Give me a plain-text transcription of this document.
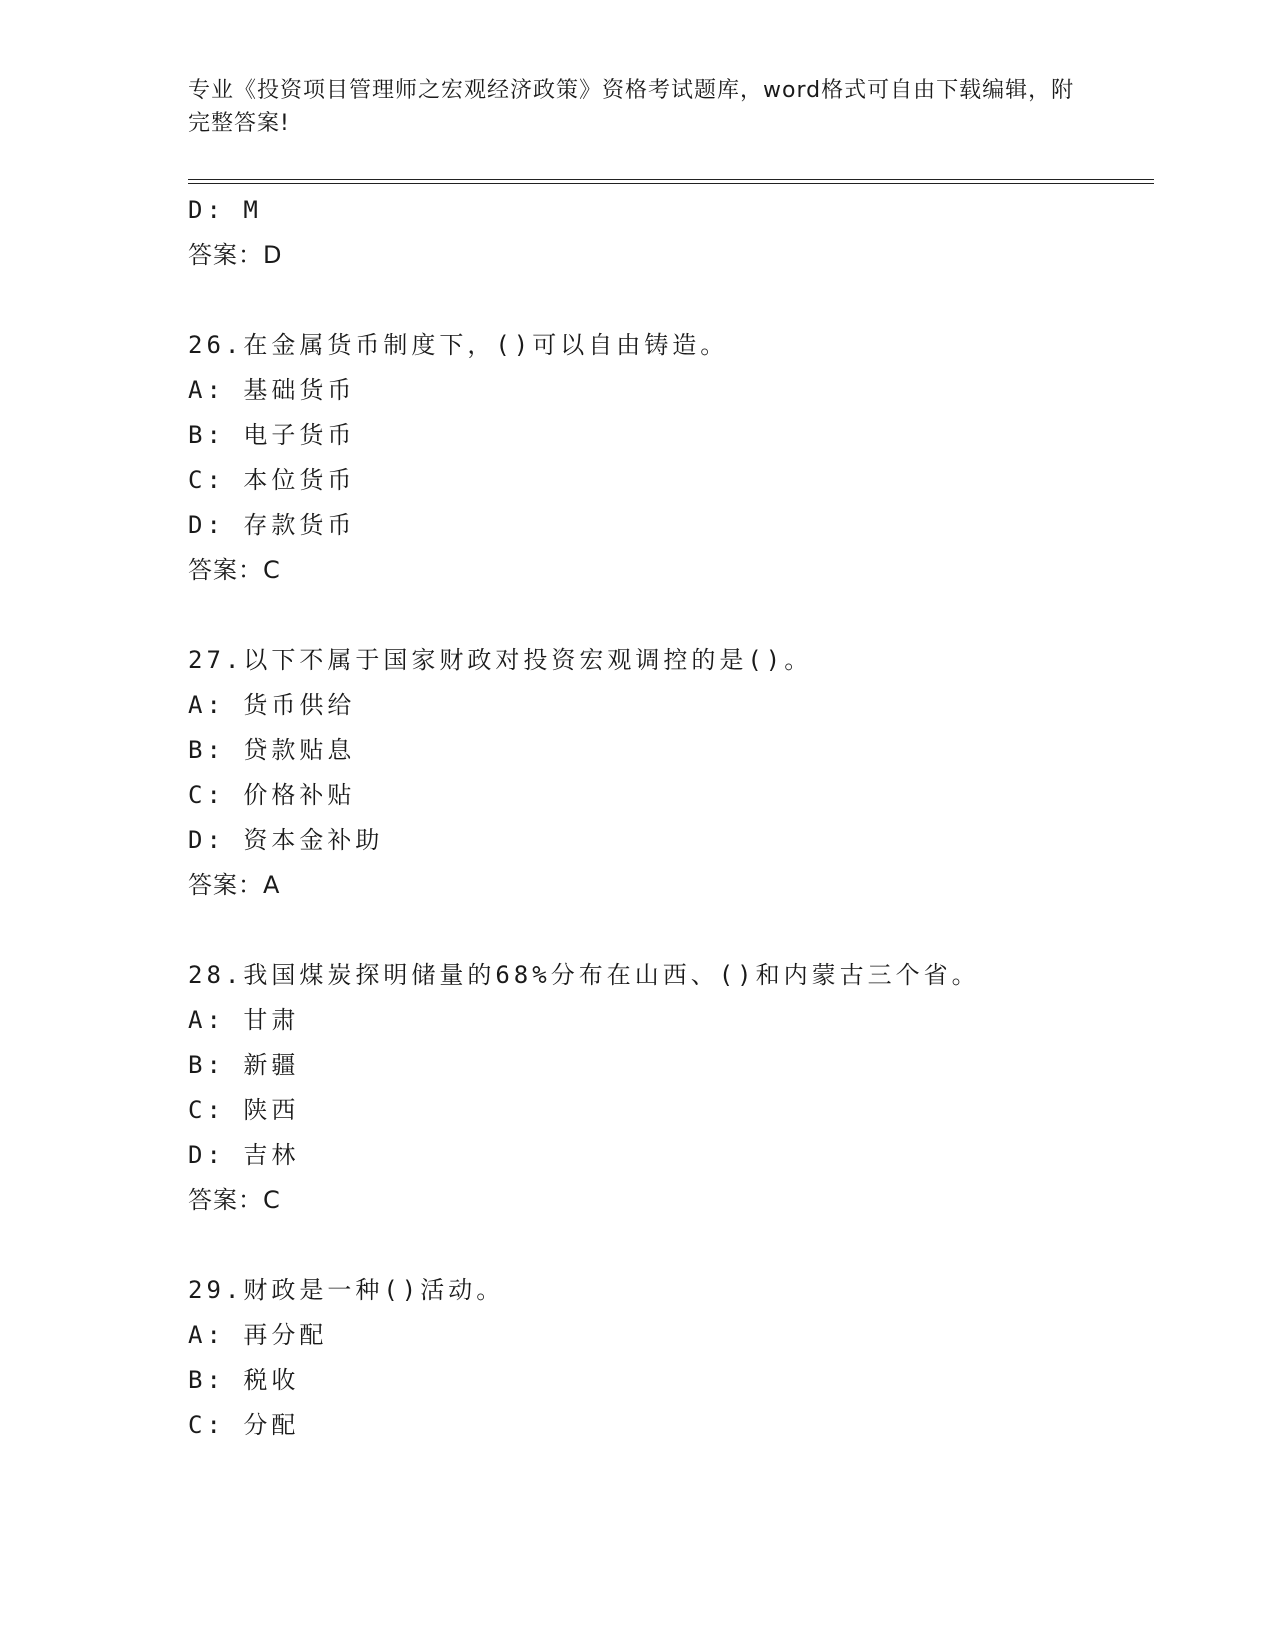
专业《投资项目管理师之宏观经济政策》资格考试题库，word格式可自由下载编辑，附完整答案!
D: M
答案：D
26.在金属货币制度下，()可以自由铸造。
A: 基础货币
B: 电子货币
C: 本位货币
D: 存款货币
答案：C
27.以下不属于国家财政对投资宏观调控的是()。
A: 货币供给
B: 贷款贴息
C: 价格补贴
D: 资本金补助
答案：A
28.我国煤炭探明储量的68%分布在山西、()和内蒙古三个省。
A: 甘肃
B: 新疆
C: 陕西
D: 吉林
答案：C
29.财政是一种()活动。
A: 再分配
B: 税收
C: 分配
